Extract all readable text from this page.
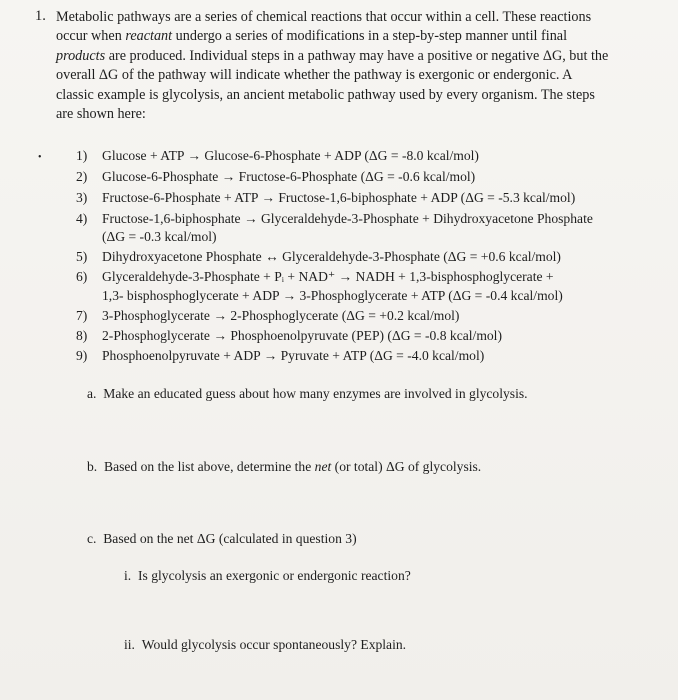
1. Metabolic pathways are a series of chemical reactions that occur within a cell. These reactions
occur when reactant undergo a series of modifications in a step-by-step manner until final
products are produced. Individual steps in a pathway may have a positive or negative ΔG, but the
overall ΔG of the pathway will indicate whether the pathway is exergonic or endergonic. A
classic example is glycolysis, an ancient metabolic pathway used by every organism. The steps
are shown here:
•	1) Glucose + ATP → Glucose-6-Phosphate + ADP (ΔG = -8.0 kcal/mol)
2) Glucose-6-Phosphate → Fructose-6-Phosphate (ΔG = -0.6 kcal/mol)
3) Fructose-6-Phosphate + ATP → Fructose-1,6-biphosphate + ADP (ΔG = -5.3 kcal/mol)
4) Fructose-1,6-biphosphate → Glyceraldehyde-3-Phosphate + Dihydroxyacetone Phosphate
(ΔG = -0.3 kcal/mol)
5) Dihydroxyacetone Phosphate ↔ Glyceraldehyde-3-Phosphate (ΔG = +0.6 kcal/mol)
6) Glyceraldehyde-3-Phosphate + Pᵢ + NAD⁺ → NADH + 1,3-bisphosphoglycerate +
1,3- bisphosphoglycerate + ADP → 3-Phosphoglycerate + ATP (ΔG = -0.4 kcal/mol)
7) 3-Phosphoglycerate → 2-Phosphoglycerate (ΔG = +0.2 kcal/mol)
8) 2-Phosphoglycerate → Phosphoenolpyruvate (PEP) (ΔG = -0.8 kcal/mol)
9) Phosphoenolpyruvate + ADP → Pyruvate + ATP (ΔG = -4.0 kcal/mol)
a. Make an educated guess about how many enzymes are involved in glycolysis.
b. Based on the list above, determine the net (or total) ΔG of glycolysis.
c. Based on the net ΔG (calculated in question 3)
i. Is glycolysis an exergonic or endergonic reaction?
ii. Would glycolysis occur spontaneously? Explain.
